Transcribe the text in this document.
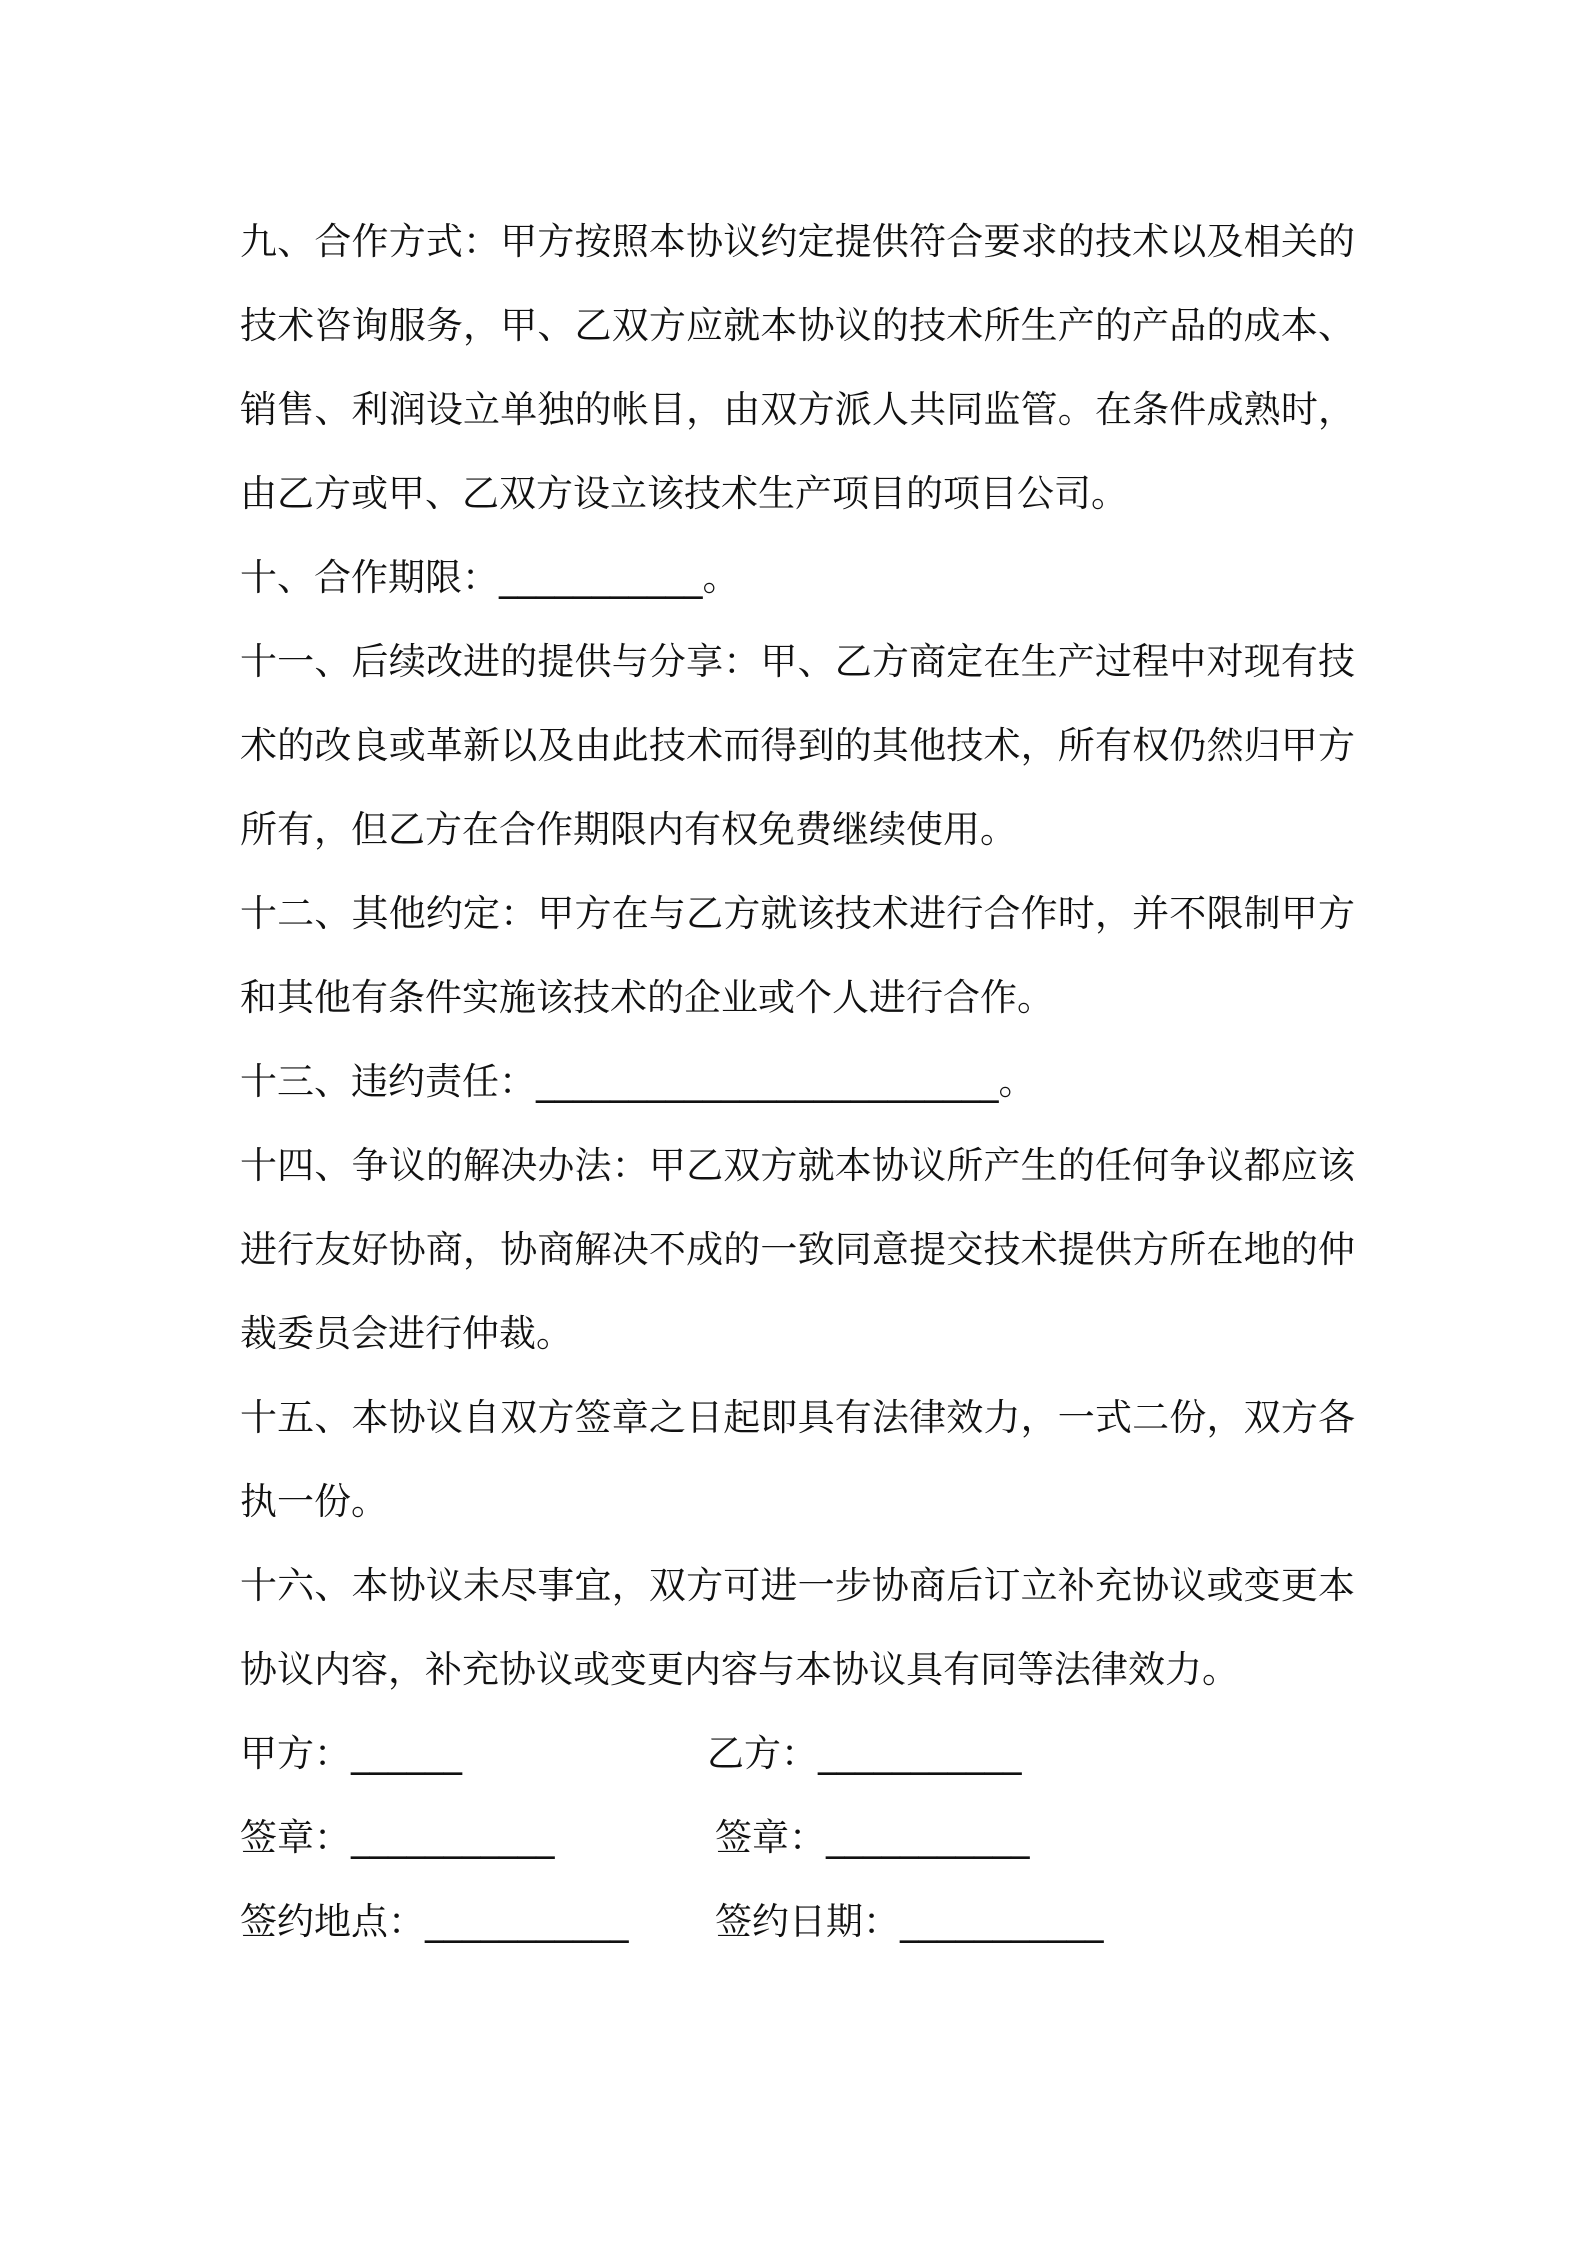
九、合作方式：甲方按照本协议约定提供符合要求的技术以及相关的技术咨询服务，甲、乙双方应就本协议的技术所生产的产品的成本、销售、利润设立单独的帐目，由双方派人共同监管。在条件成熟时，由乙方或甲、乙双方设立该技术生产项目的项目公司。

十、合作期限：___________。

十一、后续改进的提供与分享：甲、乙方商定在生产过程中对现有技术的改良或革新以及由此技术而得到的其他技术，所有权仍然归甲方所有，但乙方在合作期限内有权免费继续使用。

十二、其他约定：甲方在与乙方就该技术进行合作时，并不限制甲方和其他有条件实施该技术的企业或个人进行合作。

十三、违约责任：_________________________。

十四、争议的解决办法：甲乙双方就本协议所产生的任何争议都应该进行友好协商，协商解决不成的一致同意提交技术提供方所在地的仲裁委员会进行仲裁。

十五、本协议自双方签章之日起即具有法律效力，一式二份，双方各执一份。

十六、本协议未尽事宜，双方可进一步协商后订立补充协议或变更本协议内容，补充协议或变更内容与本协议具有同等法律效力。

甲方：______	乙方：___________
签章：___________	签章：___________
签约地点：___________ 签约日期：___________
